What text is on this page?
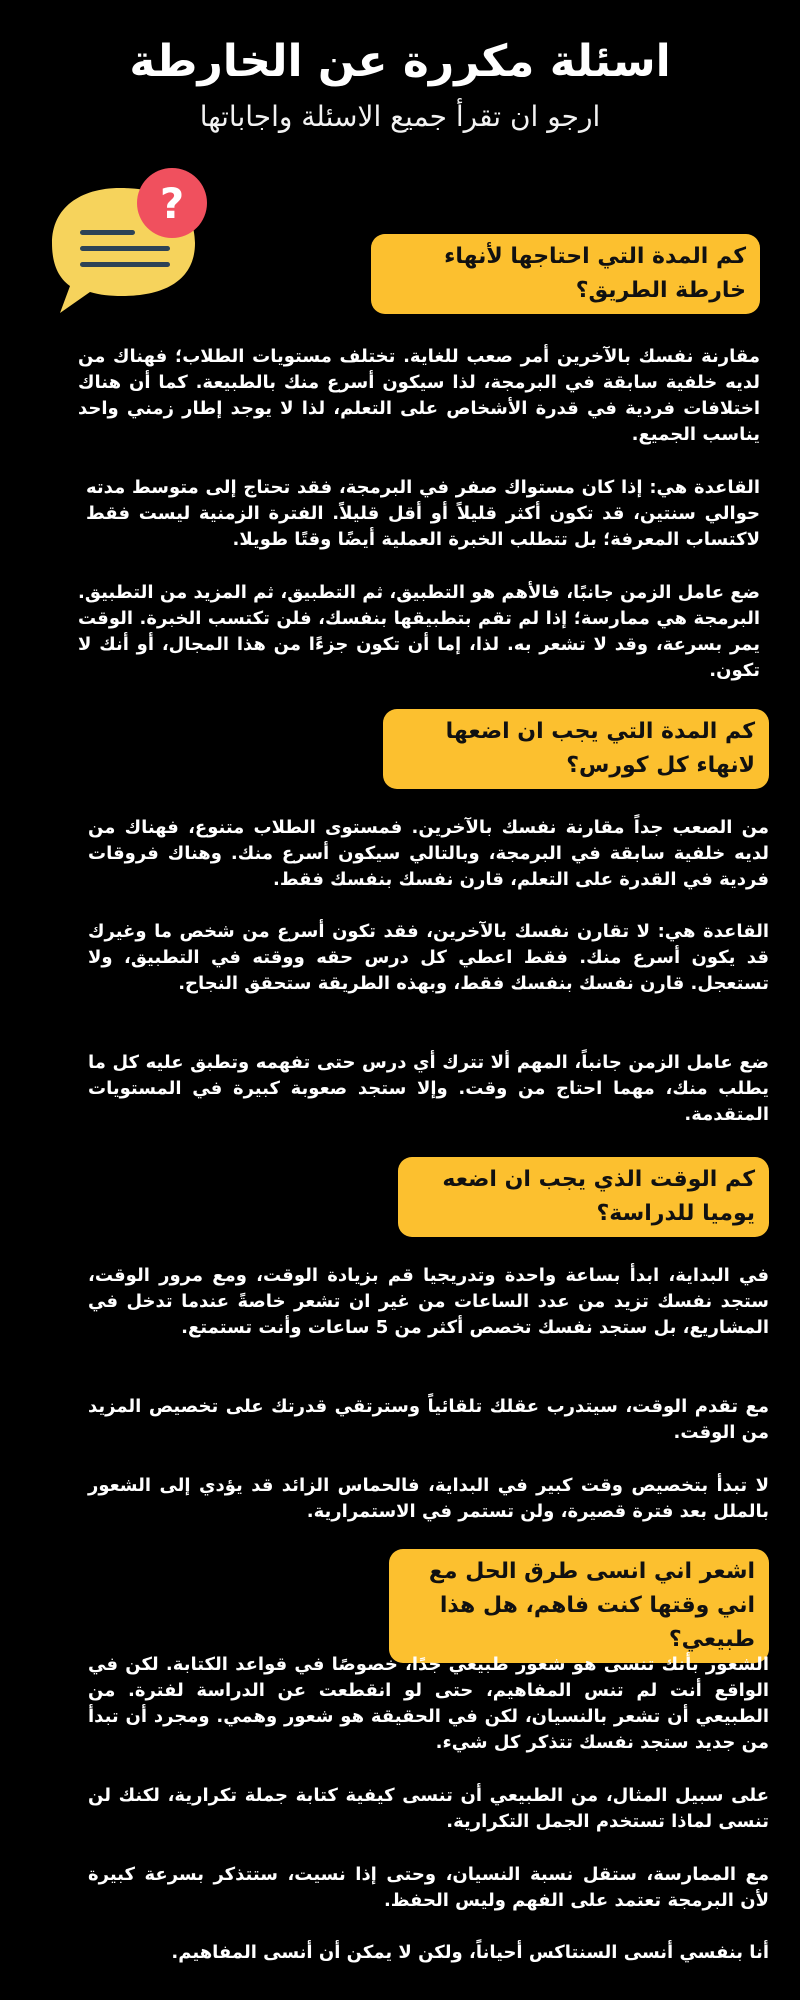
اسئلة مكررة عن الخارطة
ارجو ان تقرأ جميع الاسئلة واجاباتها
?
كم المدة التي احتاجها لأنهاء خارطة الطريق؟

مقارنة نفسك بالآخرين أمر صعب للغاية. تختلف مستويات الطلاب؛ فهناك من لديه خلفية سابقة في البرمجة، لذا سيكون أسرع منك بالطبيعة. كما أن هناك اختلافات فردية في قدرة الأشخاص على التعلم، لذا لا يوجد إطار زمني واحد يناسب الجميع.

القاعدة هي: إذا كان مستواك صفر في البرمجة، فقد تحتاج إلى متوسط مدته حوالي سنتين، قد تكون أكثر قليلاً أو أقل قليلاً. الفترة الزمنية ليست فقط لاكتساب المعرفة؛ بل تتطلب الخبرة العملية أيضًا وقتًا طويلا.

ضع عامل الزمن جانبًا، فالأهم هو التطبيق، ثم التطبيق، ثم المزيد من التطبيق. البرمجة هي ممارسة؛ إذا لم تقم بتطبيقها بنفسك، فلن تكتسب الخبرة. الوقت يمر بسرعة، وقد لا تشعر به. لذا، إما أن تكون جزءًا من هذا المجال، أو أنك لا تكون.

كم المدة التي يجب ان اضعها لانهاء كل كورس؟

من الصعب جداً مقارنة نفسك بالآخرين. فمستوى الطلاب متنوع، فهناك من لديه خلفية سابقة في البرمجة، وبالتالي سيكون أسرع منك. وهناك فروقات فردية في القدرة على التعلم، قارن نفسك بنفسك فقط.

القاعدة هي: لا تقارن نفسك بالآخرين، فقد تكون أسرع من شخص ما وغيرك قد يكون أسرع منك. فقط اعطي كل درس حقه ووقته في التطبيق، ولا تستعجل. قارن نفسك بنفسك فقط، وبهذه الطريقة ستحقق النجاح.

ضع عامل الزمن جانباً، المهم ألا تترك أي درس حتى تفهمه وتطبق عليه كل ما يطلب منك، مهما احتاج من وقت. وإلا ستجد صعوبة كبيرة في المستويات المتقدمة.

كم الوقت الذي يجب ان اضعه يوميا للدراسة؟

في البداية، ابدأ بساعة واحدة وتدريجيا قم بزيادة الوقت، ومع مرور الوقت، ستجد نفسك تزيد من عدد الساعات من غير ان تشعر خاصةً عندما تدخل في المشاريع، بل ستجد نفسك تخصص أكثر من 5 ساعات وأنت تستمتع.

مع تقدم الوقت، سيتدرب عقلك تلقائياً وسترتقي قدرتك على تخصيص المزيد من الوقت.

لا تبدأ بتخصيص وقت كبير في البداية، فالحماس الزائد قد يؤدي إلى الشعور بالملل بعد فترة قصيرة، ولن تستمر في الاستمرارية.

اشعر اني انسى طرق الحل مع اني وقتها كنت فاهم، هل هذا طبيعي؟

الشعور بأنك تنسى هو شعور طبيعي جدًا، خصوصًا في قواعد الكتابة. لكن في الواقع أنت لم تنس المفاهيم، حتى لو انقطعت عن الدراسة لفترة. من الطبيعي أن تشعر بالنسيان، لكن في الحقيقة هو شعور وهمي. ومجرد أن تبدأ من جديد ستجد نفسك تتذكر كل شيء.

على سبيل المثال، من الطبيعي أن تنسى كيفية كتابة جملة تكرارية، لكنك لن تنسى لماذا تستخدم الجمل التكرارية.

مع الممارسة، ستقل نسبة النسيان، وحتى إذا نسيت، ستتذكر بسرعة كبيرة لأن البرمجة تعتمد على الفهم وليس الحفظ.

أنا بنفسي أنسى السنتاكس أحياناً، ولكن لا يمكن أن أنسى المفاهيم.
